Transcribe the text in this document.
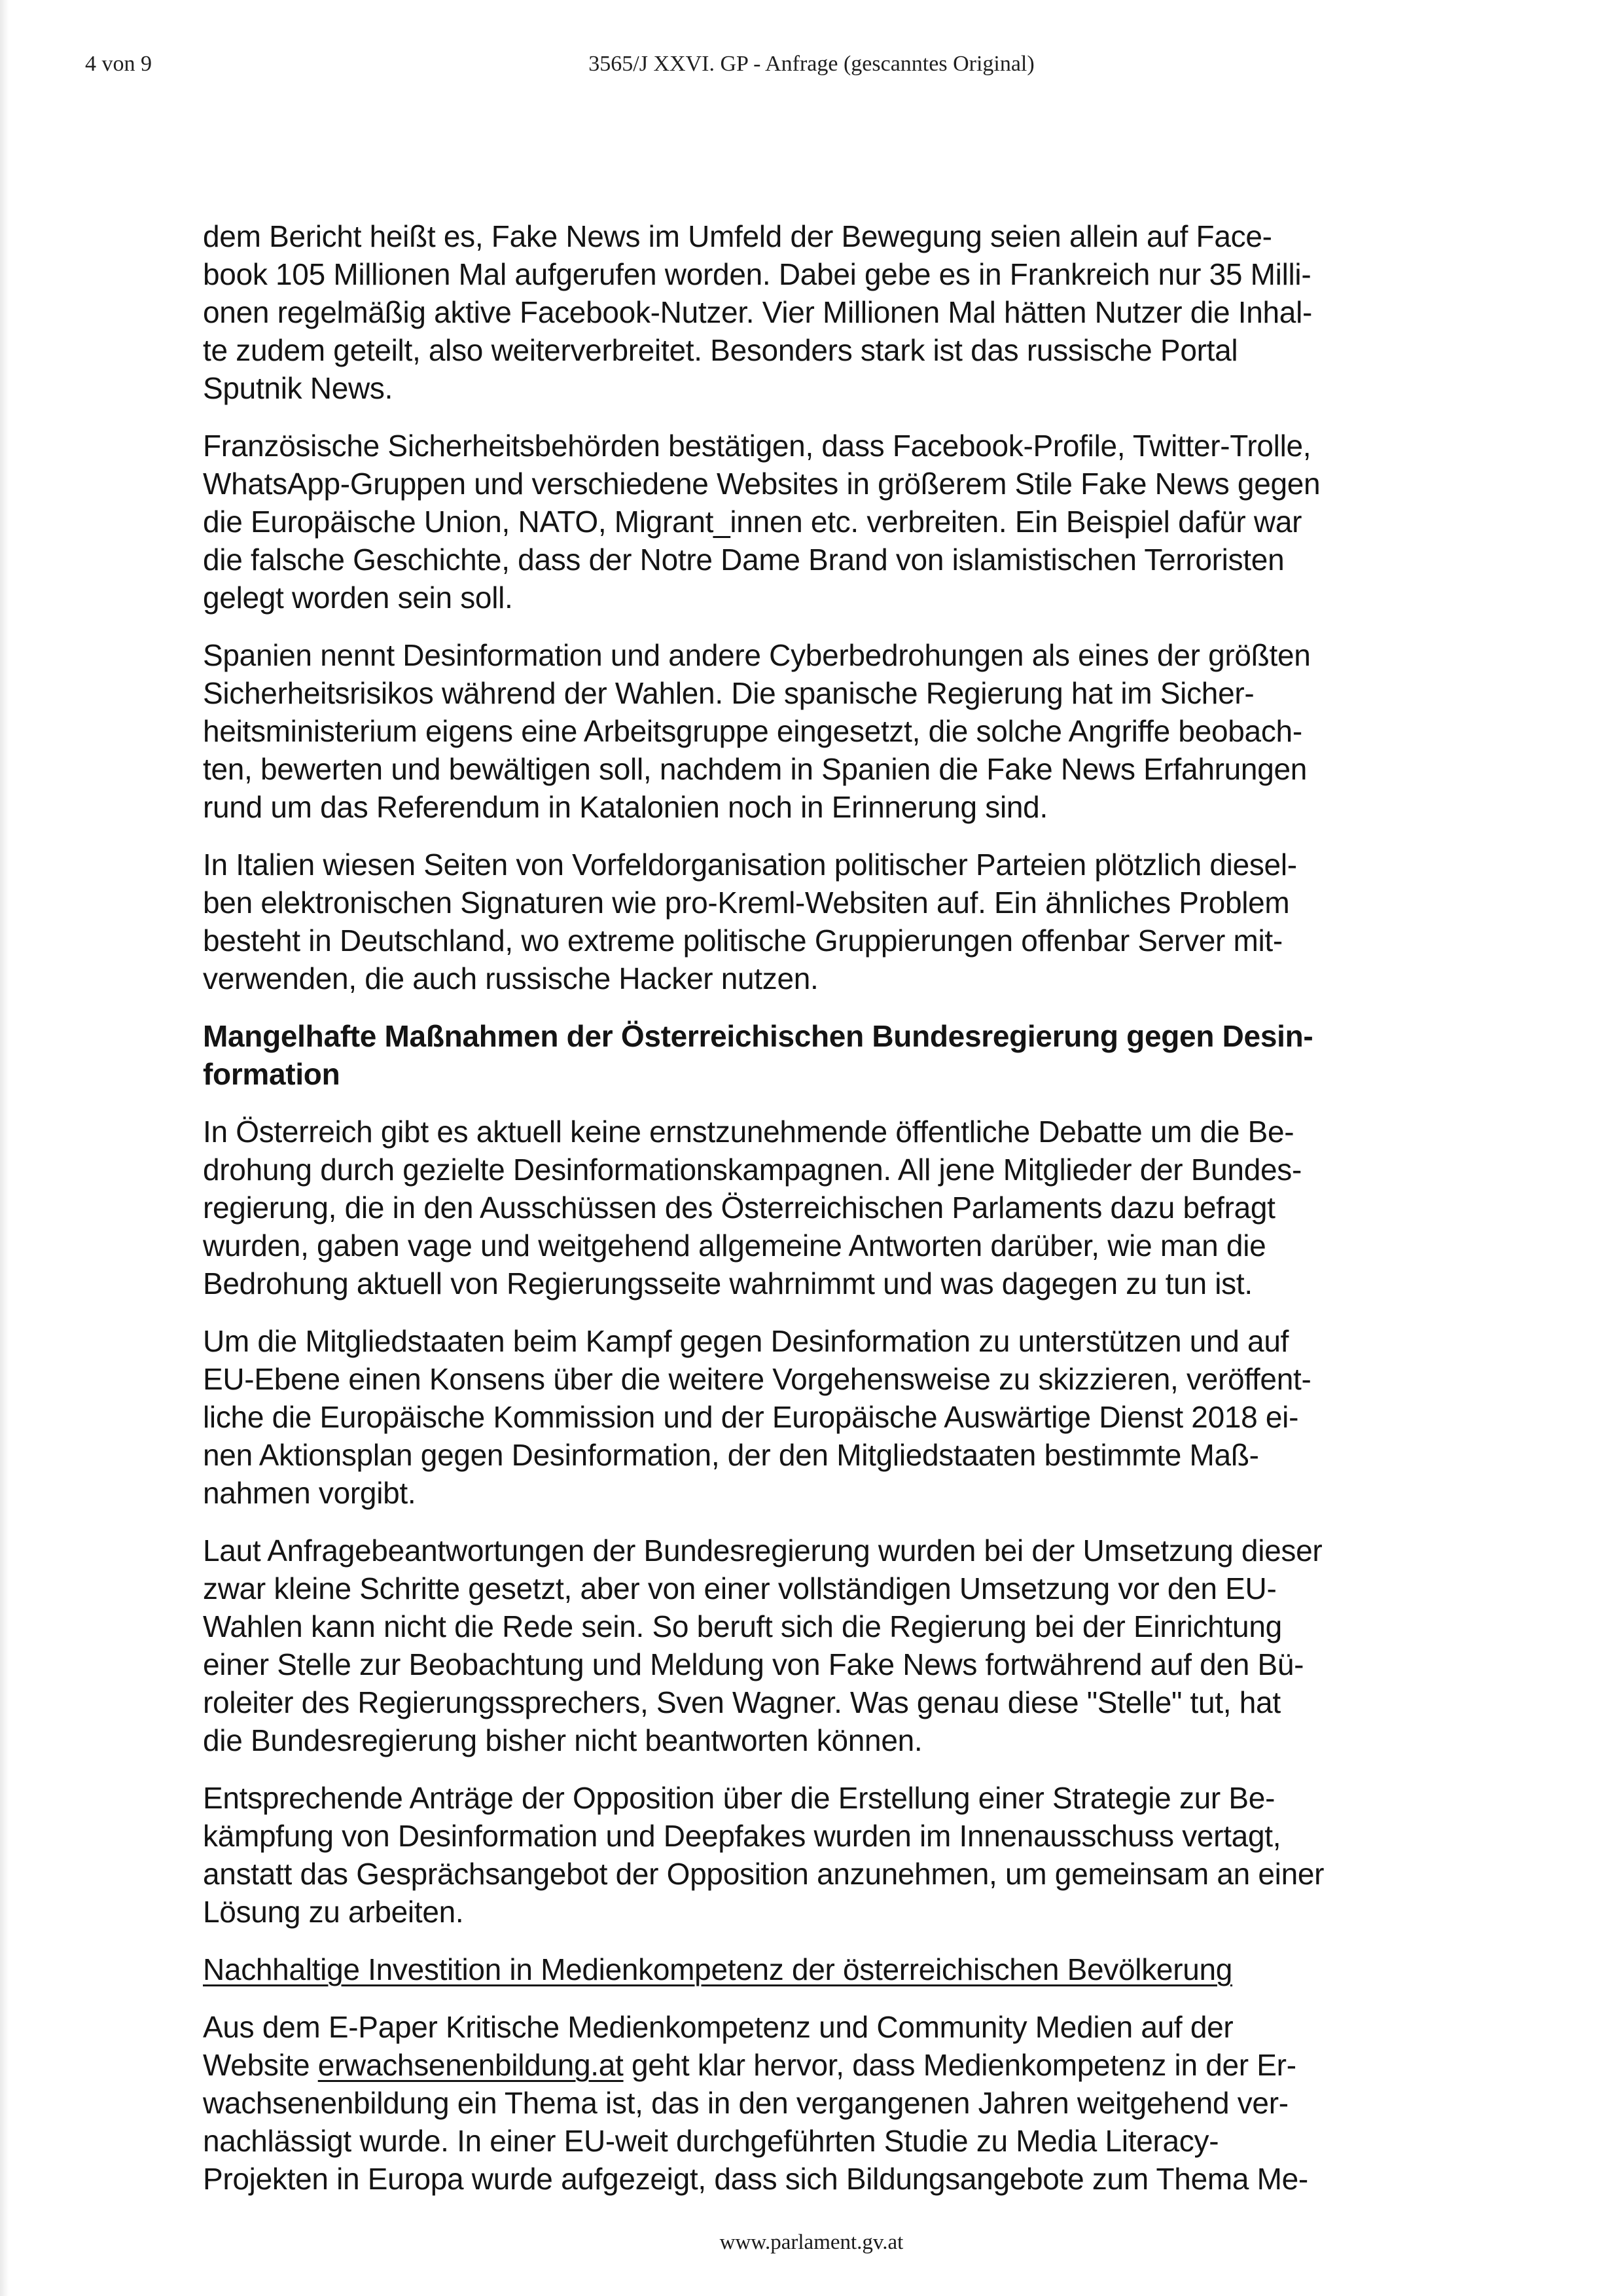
4 von 9	3565/J XXVI. GP - Anfrage (gescanntes Original)
dem Bericht heißt es, Fake News im Umfeld der Bewegung seien allein auf Face-
book 105 Millionen Mal aufgerufen worden. Dabei gebe es in Frankreich nur 35 Milli-
onen regelmäßig aktive Facebook-Nutzer. Vier Millionen Mal hätten Nutzer die Inhal-
te zudem geteilt, also weiterverbreitet. Besonders stark ist das russische Portal
Sputnik News.
Französische Sicherheitsbehörden bestätigen, dass Facebook-Profile, Twitter-Trolle,
WhatsApp-Gruppen und verschiedene Websites in größerem Stile Fake News gegen
die Europäische Union, NATO, Migrant_innen etc. verbreiten. Ein Beispiel dafür war
die falsche Geschichte, dass der Notre Dame Brand von islamistischen Terroristen
gelegt worden sein soll.
Spanien nennt Desinformation und andere Cyberbedrohungen als eines der größten
Sicherheitsrisikos während der Wahlen. Die spanische Regierung hat im Sicher-
heitsministerium eigens eine Arbeitsgruppe eingesetzt, die solche Angriffe beobach-
ten, bewerten und bewältigen soll, nachdem in Spanien die Fake News Erfahrungen
rund um das Referendum in Katalonien noch in Erinnerung sind.
In Italien wiesen Seiten von Vorfeldorganisation politischer Parteien plötzlich diesel-
ben elektronischen Signaturen wie pro-Kreml-Websiten auf. Ein ähnliches Problem
besteht in Deutschland, wo extreme politische Gruppierungen offenbar Server mit-
verwenden, die auch russische Hacker nutzen.
Mangelhafte Maßnahmen der Österreichischen Bundesregierung gegen Desin-
formation
In Österreich gibt es aktuell keine ernstzunehmende öffentliche Debatte um die Be-
drohung durch gezielte Desinformationskampagnen. All jene Mitglieder der Bundes-
regierung, die in den Ausschüssen des Österreichischen Parlaments dazu befragt
wurden, gaben vage und weitgehend allgemeine Antworten darüber, wie man die
Bedrohung aktuell von Regierungsseite wahrnimmt und was dagegen zu tun ist.
Um die Mitgliedstaaten beim Kampf gegen Desinformation zu unterstützen und auf
EU-Ebene einen Konsens über die weitere Vorgehensweise zu skizzieren, veröffent-
liche die Europäische Kommission und der Europäische Auswärtige Dienst 2018 ei-
nen Aktionsplan gegen Desinformation, der den Mitgliedstaaten bestimmte Maß-
nahmen vorgibt.
Laut Anfragebeantwortungen der Bundesregierung wurden bei der Umsetzung dieser
zwar kleine Schritte gesetzt, aber von einer vollständigen Umsetzung vor den EU-
Wahlen kann nicht die Rede sein. So beruft sich die Regierung bei der Einrichtung
einer Stelle zur Beobachtung und Meldung von Fake News fortwährend auf den Bü-
roleiter des Regierungssprechers, Sven Wagner. Was genau diese "Stelle" tut, hat
die Bundesregierung bisher nicht beantworten können.
Entsprechende Anträge der Opposition über die Erstellung einer Strategie zur Be-
kämpfung von Desinformation und Deepfakes wurden im Innenausschuss vertagt,
anstatt das Gesprächsangebot der Opposition anzunehmen, um gemeinsam an einer
Lösung zu arbeiten.
Nachhaltige Investition in Medienkompetenz der österreichischen Bevölkerung
Aus dem E-Paper Kritische Medienkompetenz und Community Medien auf der
Website erwachsenenbildung.at geht klar hervor, dass Medienkompetenz in der Er-
wachsenenbildung ein Thema ist, das in den vergangenen Jahren weitgehend ver-
nachlässigt wurde. In einer EU-weit durchgeführten Studie zu Media Literacy-
Projekten in Europa wurde aufgezeigt, dass sich Bildungsangebote zum Thema Me-
www.parlament.gv.at
